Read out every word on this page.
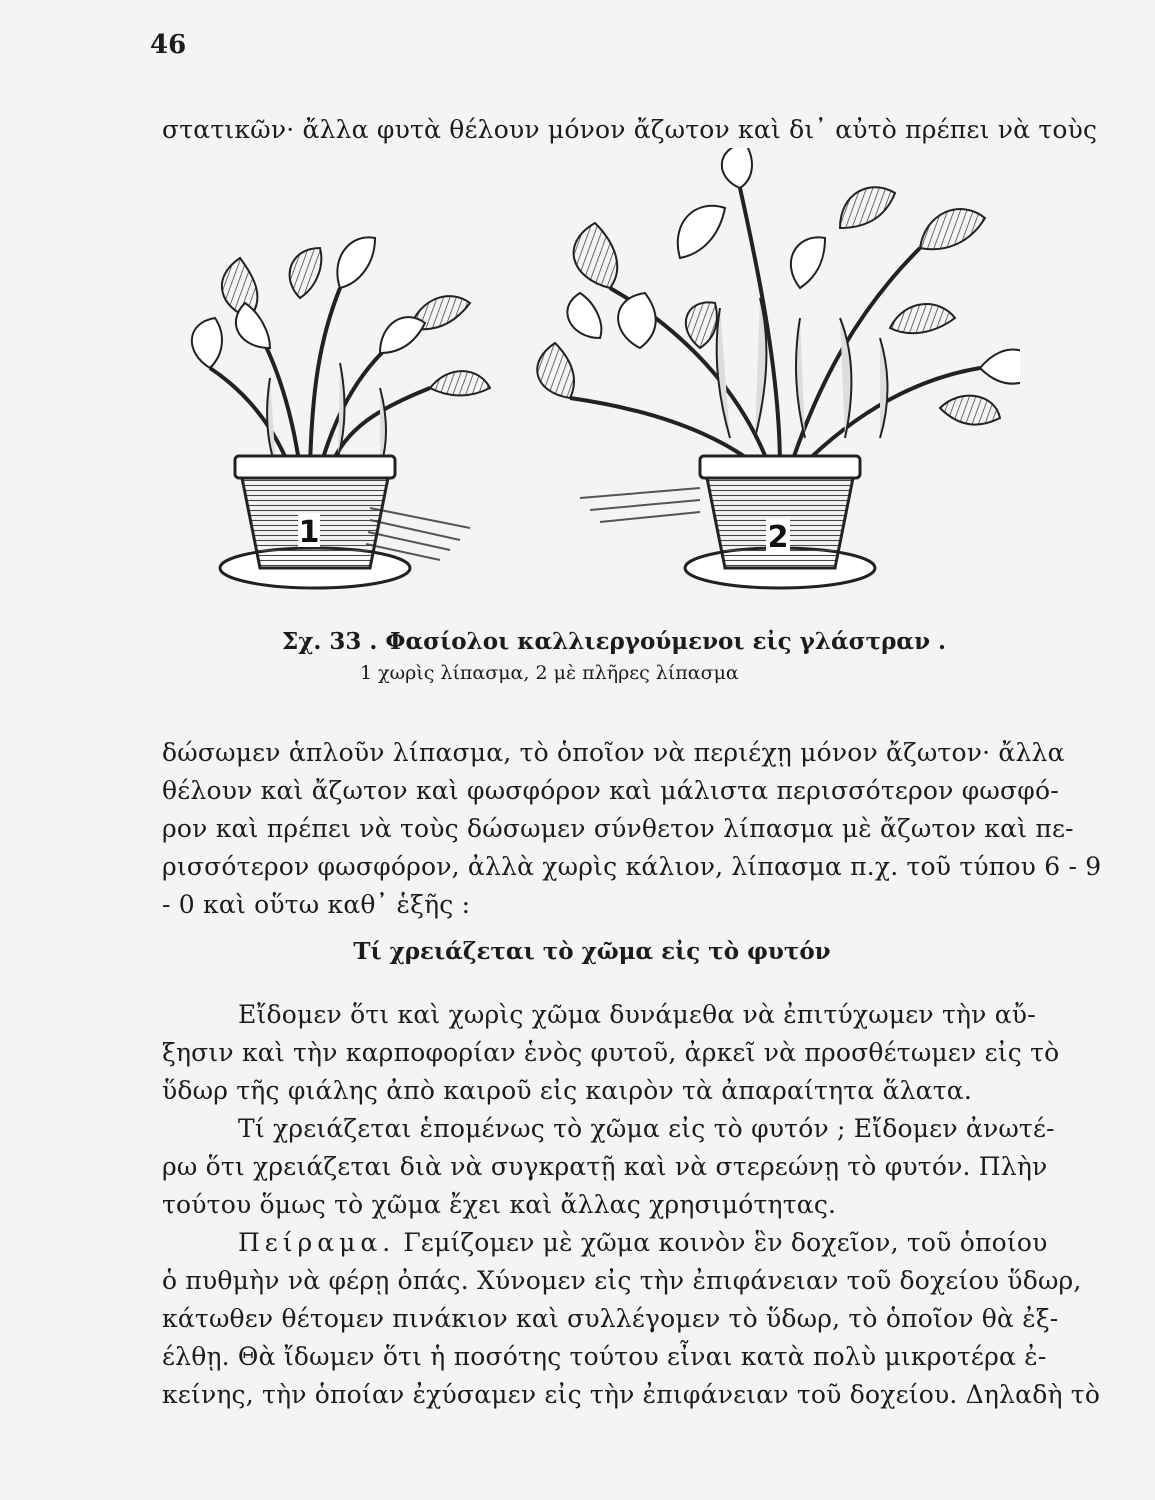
46
στατικῶν· ἄλλα φυτὰ θέλουν μόνον ἄζωτον καὶ δι᾽ αὐτὸ πρέπει νὰ τοὺς
1	2
Σχ. 33 . Φασίολοι καλλιεργούμενοι εἰς γλάστραν .
1 χωρὶς λίπασμα, 2 μὲ πλῆρες λίπασμα
δώσωμεν ἁπλοῦν λίπασμα, τὸ ὁποῖον νὰ περιέχῃ μόνον ἄζωτον· ἄλλα
θέλουν καὶ ἄζωτον καὶ φωσφόρον καὶ μάλιστα περισσότερον φωσφό-
ρον καὶ πρέπει νὰ τοὺς δώσωμεν σύνθετον λίπασμα μὲ ἄζωτον καὶ πε-
ρισσότερον φωσφόρον, ἀλλὰ χωρὶς κάλιον, λίπασμα π.χ. τοῦ τύπου 6 - 9
- 0 καὶ οὕτω καθ᾽ ἑξῆς :
Τί χρειάζεται τὸ χῶμα εἰς τὸ φυτόν
Εἴδομεν ὅτι καὶ χωρὶς χῶμα δυνάμεθα νὰ ἐπιτύχωμεν τὴν αὔ-
ξησιν καὶ τὴν καρποφορίαν ἑνὸς φυτοῦ, ἀρκεῖ νὰ προσθέτωμεν εἰς τὸ
ὕδωρ τῆς φιάλης ἀπὸ καιροῦ εἰς καιρὸν τὰ ἀπαραίτητα ἅλατα.
Τί χρειάζεται ἑπομένως τὸ χῶμα εἰς τὸ φυτόν ; Εἴδομεν ἀνωτέ-
ρω ὅτι χρειάζεται διὰ νὰ συγκρατῇ καὶ νὰ στερεώνῃ τὸ φυτόν. Πλὴν
τούτου ὅμως τὸ χῶμα ἔχει καὶ ἄλλας χρησιμότητας.
Πείραμα. Γεμίζομεν μὲ χῶμα κοινὸν ἓν δοχεῖον, τοῦ ὁποίου
ὁ πυθμὴν νὰ φέρῃ ὀπάς. Χύνομεν εἰς τὴν ἐπιφάνειαν τοῦ δοχείου ὕδωρ,
κάτωθεν θέτομεν πινάκιον καὶ συλλέγομεν τὸ ὕδωρ, τὸ ὁποῖον θὰ ἐξ-
έλθῃ. Θὰ ἴδωμεν ὅτι ἡ ποσότης τούτου εἶναι κατὰ πολὺ μικροτέρα ἐ-
κείνης, τὴν ὁποίαν ἐχύσαμεν εἰς τὴν ἐπιφάνειαν τοῦ δοχείου. Δηλαδὴ τὸ
